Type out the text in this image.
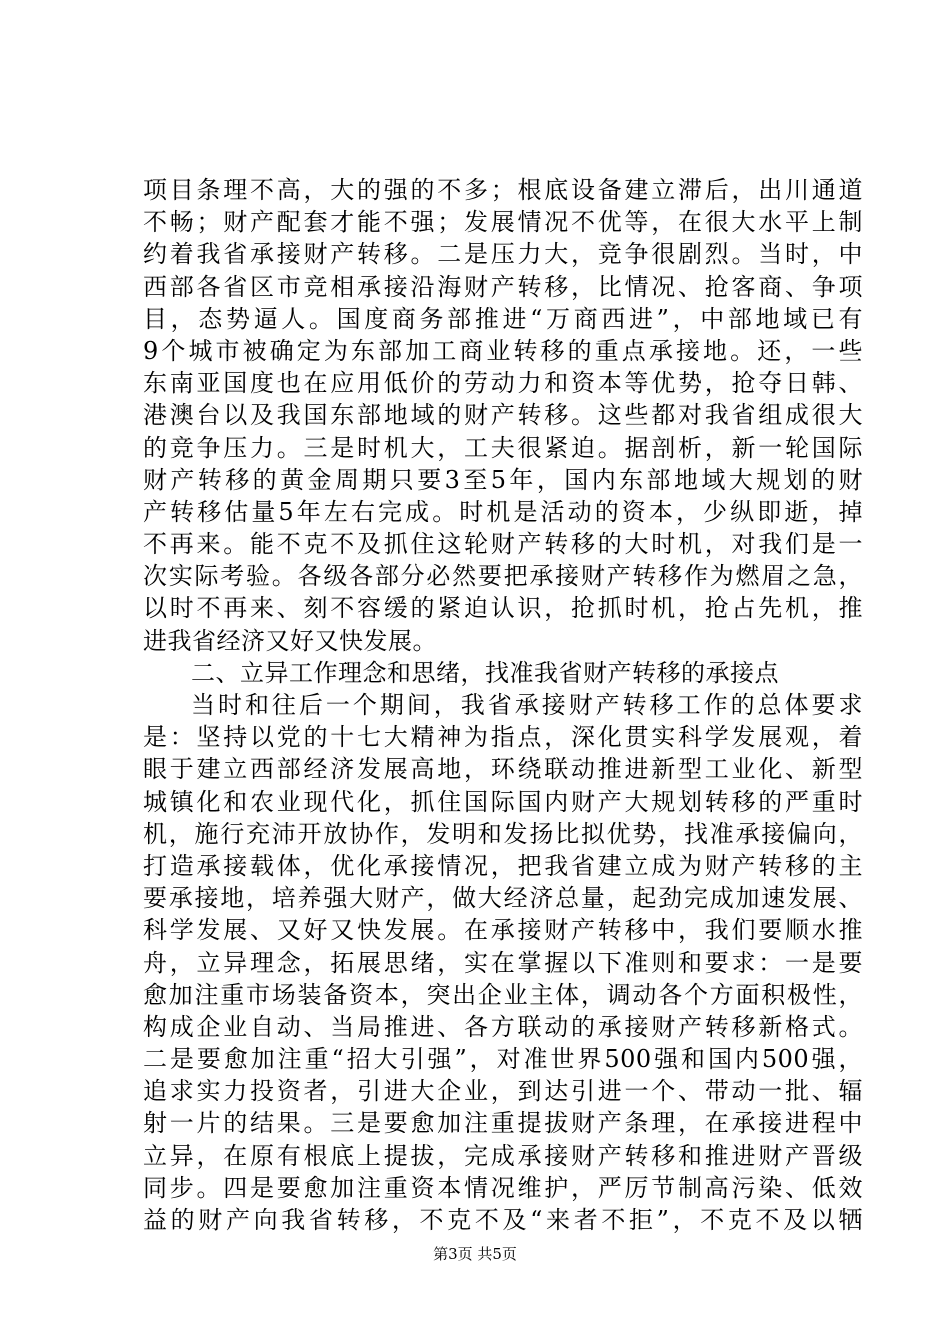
项目条理不高，大的强的不多；根底设备建立滞后，出川通道
不畅；财产配套才能不强；发展情况不优等，在很大水平上制
约着我省承接财产转移。二是压力大，竞争很剧烈。当时，中
西部各省区市竞相承接沿海财产转移，比情况、抢客商、争项
目，态势逼人。国度商务部推进“万商西进”，中部地域已有
9个城市被确定为东部加工商业转移的重点承接地。还，一些
东南亚国度也在应用低价的劳动力和资本等优势，抢夺日韩、
港澳台以及我国东部地域的财产转移。这些都对我省组成很大
的竞争压力。三是时机大，工夫很紧迫。据剖析，新一轮国际
财产转移的黄金周期只要3至5年，国内东部地域大规划的财
产转移估量5年左右完成。时机是活动的资本，少纵即逝，掉
不再来。能不克不及抓住这轮财产转移的大时机，对我们是一
次实际考验。各级各部分必然要把承接财产转移作为燃眉之急，
以时不再来、刻不容缓的紧迫认识，抢抓时机，抢占先机，推
进我省经济又好又快发展。
二、立异工作理念和思绪，找准我省财产转移的承接点
当时和往后一个期间，我省承接财产转移工作的总体要求
是：坚持以党的十七大精神为指点，深化贯实科学发展观，着
眼于建立西部经济发展高地，环绕联动推进新型工业化、新型
城镇化和农业现代化，抓住国际国内财产大规划转移的严重时
机，施行充沛开放协作，发明和发扬比拟优势，找准承接偏向，
打造承接载体，优化承接情况，把我省建立成为财产转移的主
要承接地，培养强大财产，做大经济总量，起劲完成加速发展、
科学发展、又好又快发展。在承接财产转移中，我们要顺水推
舟，立异理念，拓展思绪，实在掌握以下准则和要求：一是要
愈加注重市场装备资本，突出企业主体，调动各个方面积极性，
构成企业自动、当局推进、各方联动的承接财产转移新格式。
二是要愈加注重“招大引强”，对准世界500强和国内500强，
追求实力投资者，引进大企业，到达引进一个、带动一批、辐
射一片的结果。三是要愈加注重提拔财产条理，在承接进程中
立异，在原有根底上提拔，完成承接财产转移和推进财产晋级
同步。四是要愈加注重资本情况维护，严厉节制高污染、低效
益的财产向我省转移，不克不及“来者不拒”，不克不及以牺
第3页 共5页
